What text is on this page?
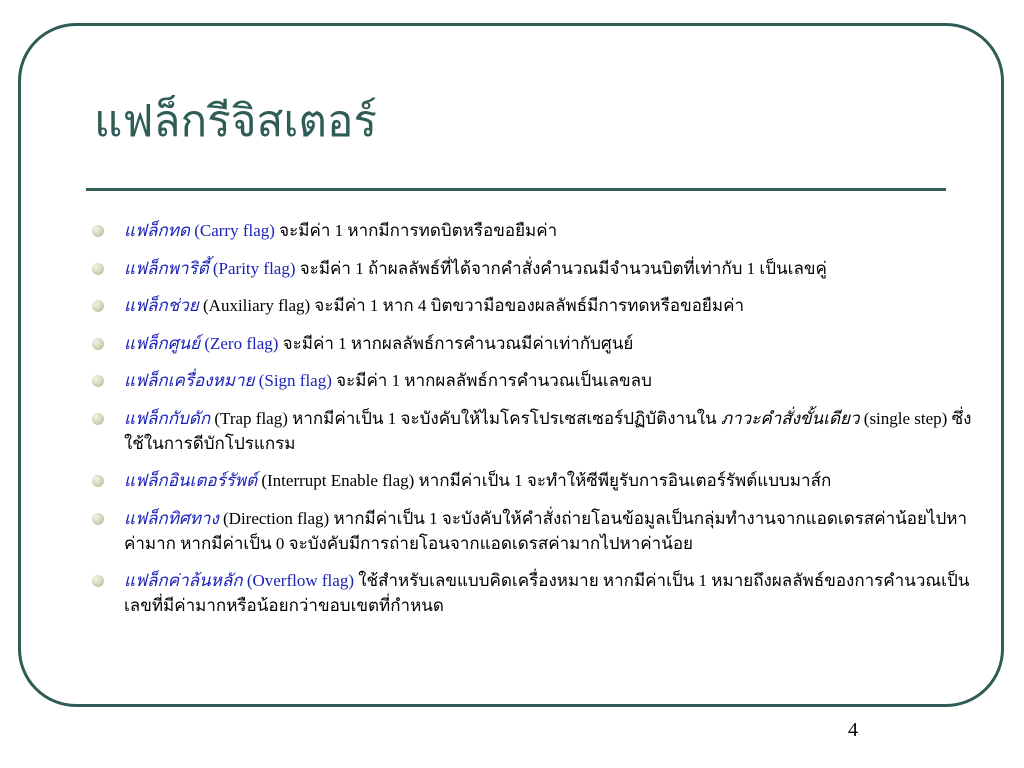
แฟล็กรีจิสเตอร์
แฟล็กทด (Carry flag) จะมีค่า 1 หากมีการทดบิตหรือขอยืมค่า
แฟล็กพาริตี้ (Parity flag) จะมีค่า 1 ถ้าผลลัพธ์ที่ได้จากคำสั่งคำนวณมีจำนวนบิตที่เท่ากับ 1 เป็นเลขคู่
แฟล็กช่วย (Auxiliary flag) จะมีค่า 1 หาก 4 บิตขวามือของผลลัพธ์มีการทดหรือขอยืมค่า
แฟล็กศูนย์ (Zero flag) จะมีค่า 1 หากผลลัพธ์การคำนวณมีค่าเท่ากับศูนย์
แฟล็กเครื่องหมาย (Sign flag) จะมีค่า 1 หากผลลัพธ์การคำนวณเป็นเลขลบ
แฟล็กกับดัก (Trap flag) หากมีค่าเป็น 1 จะบังคับให้ไมโครโปรเซสเซอร์ปฏิบัติงานใน ภาวะคำสั่งขั้นเดียว (single step) ซึ่งใช้ในการดีบักโปรแกรม
แฟล็กอินเตอร์รัพต์ (Interrupt Enable flag) หากมีค่าเป็น 1 จะทำให้ซีพียูรับการอินเตอร์รัพต์แบบมาส์ก
แฟล็กทิศทาง (Direction flag) หากมีค่าเป็น 1 จะบังคับให้คำสั่งถ่ายโอนข้อมูลเป็นกลุ่มทำงานจากแอดเดรสค่าน้อยไปหาค่ามาก หากมีค่าเป็น 0 จะบังคับมีการถ่ายโอนจากแอดเดรสค่ามากไปหาค่าน้อย
แฟล็กค่าล้นหลัก (Overflow flag) ใช้สำหรับเลขแบบคิดเครื่องหมาย หากมีค่าเป็น 1 หมายถึงผลลัพธ์ของการคำนวณเป็นเลขที่มีค่ามากหรือน้อยกว่าขอบเขตที่กำหนด
4
